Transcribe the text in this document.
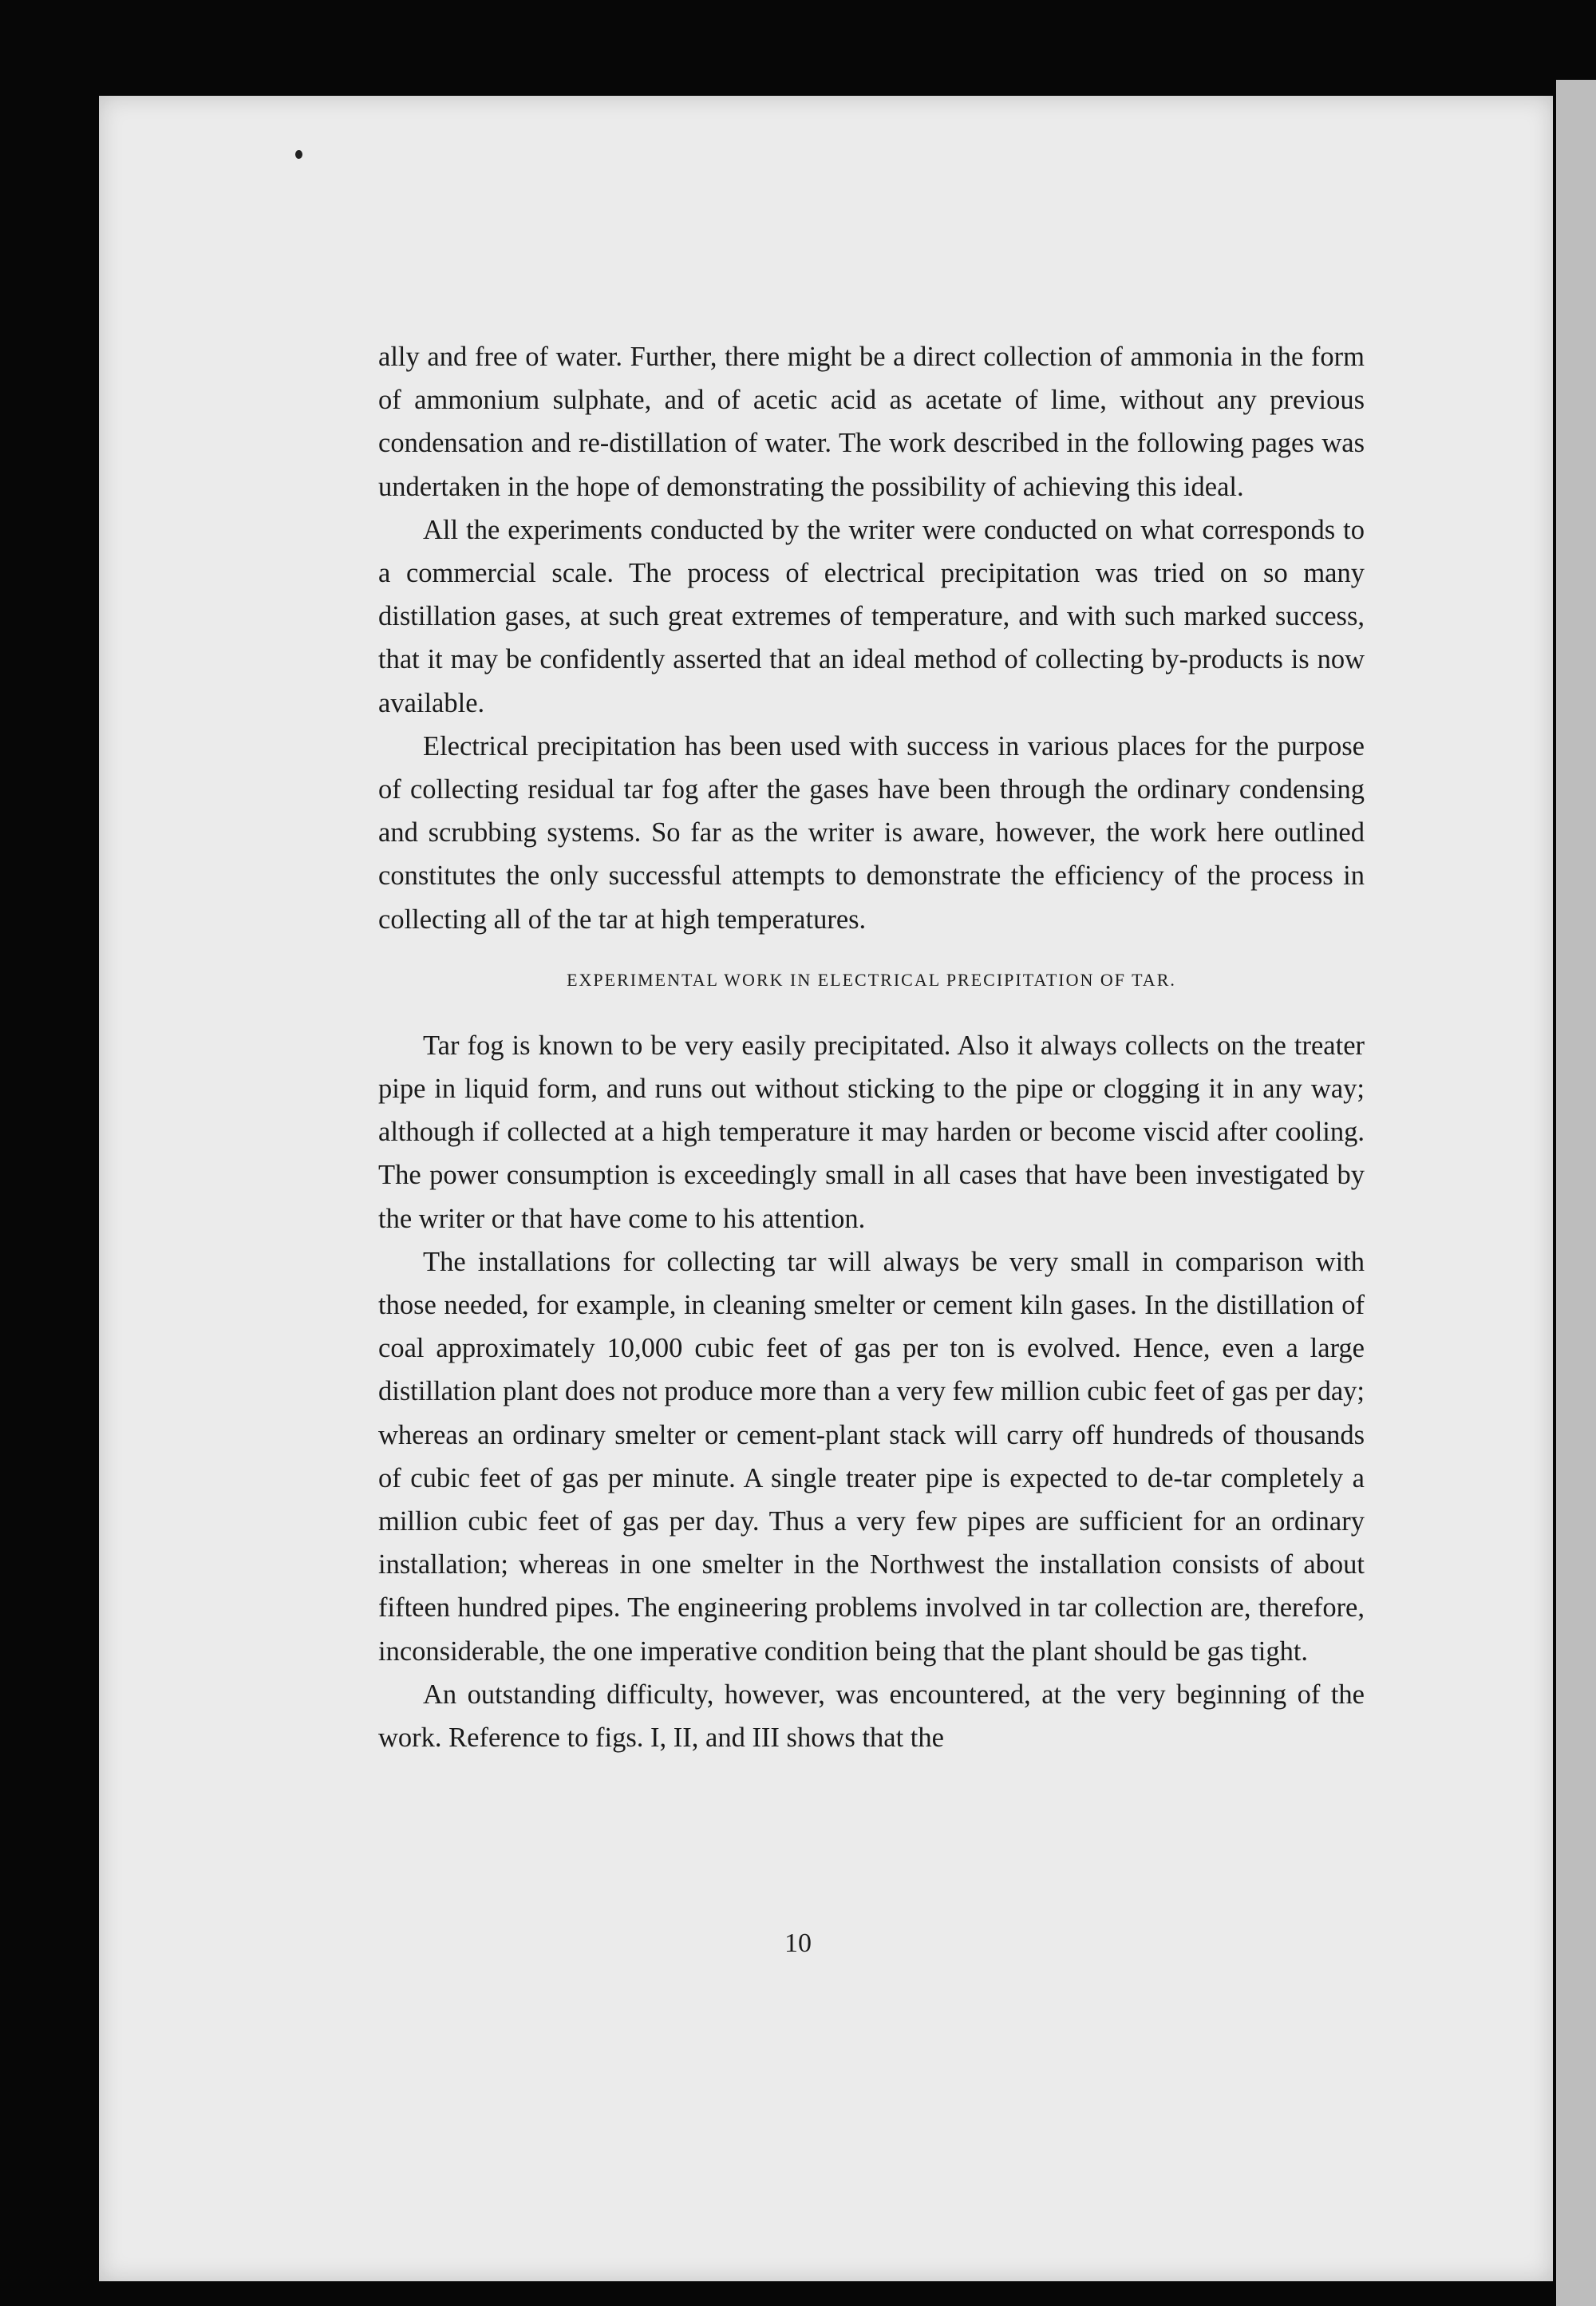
ally and free of water. Further, there might be a direct collection of ammonia in the form of ammonium sulphate, and of acetic acid as acetate of lime, without any previous condensation and re-distillation of water. The work described in the following pages was undertaken in the hope of demonstrating the possibility of achieving this ideal.

All the experiments conducted by the writer were conducted on what corresponds to a commercial scale. The process of electrical precipitation was tried on so many distillation gases, at such great extremes of temperature, and with such marked success, that it may be confidently asserted that an ideal method of collecting by-products is now available.

Electrical precipitation has been used with success in various places for the purpose of collecting residual tar fog after the gases have been through the ordinary condensing and scrubbing systems. So far as the writer is aware, however, the work here outlined constitutes the only successful attempts to demonstrate the efficiency of the process in collecting all of the tar at high temperatures.

EXPERIMENTAL WORK IN ELECTRICAL PRECIPITATION OF TAR.

Tar fog is known to be very easily precipitated. Also it always collects on the treater pipe in liquid form, and runs out without sticking to the pipe or clogging it in any way; although if collected at a high temperature it may harden or become viscid after cooling. The power consumption is exceedingly small in all cases that have been investigated by the writer or that have come to his attention.

The installations for collecting tar will always be very small in comparison with those needed, for example, in cleaning smelter or cement kiln gases. In the distillation of coal approximately 10,000 cubic feet of gas per ton is evolved. Hence, even a large distillation plant does not produce more than a very few million cubic feet of gas per day; whereas an ordinary smelter or cement-plant stack will carry off hundreds of thousands of cubic feet of gas per minute. A single treater pipe is expected to de-tar completely a million cubic feet of gas per day. Thus a very few pipes are sufficient for an ordinary installation; whereas in one smelter in the Northwest the installation consists of about fifteen hundred pipes. The engineering problems involved in tar collection are, therefore, inconsiderable, the one imperative condition being that the plant should be gas tight.

An outstanding difficulty, however, was encountered, at the very beginning of the work. Reference to figs. I, II, and III shows that the

10
